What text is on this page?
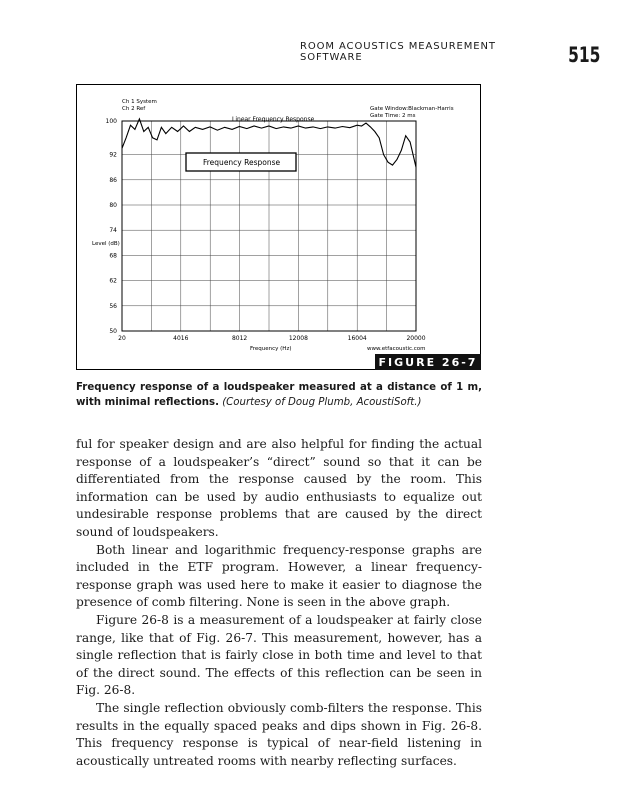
ROOM ACOUSTICS MEASUREMENT SOFTWARE	515
50
56
62
68
74
80
86
92
100
20	4016	8012	12008	16004	20000
Ch 1 System
Ch 2 Ref	Gate Window:Blackman-Harris
Gate Time: 2 ms
Linear Frequency Response
Level (dB)
Frequency (Hz)	www.etfacoustic.com
Frequency Response
FIGURE 26-7
Frequency response of a loudspeaker measured at a distance of 1 m, with minimal reflections. (Courtesy of Doug Plumb, AcoustiSoft.)

ful for speaker design and are also helpful for finding the actual response of a loudspeaker’s “direct” sound so that it can be differentiated from the response caused by the room. This information can be used by audio enthusiasts to equalize out undesirable response problems that are caused by the direct sound of loudspeakers.

Both linear and logarithmic frequency-response graphs are included in the ETF program. However, a linear frequency-response graph was used here to make it easier to diagnose the presence of comb filtering. None is seen in the above graph.

Figure 26-8 is a measurement of a loudspeaker at fairly close range, like that of Fig. 26-7. This measurement, however, has a single reflection that is fairly close in both time and level to that of the direct sound. The effects of this reflection can be seen in Fig. 26-8.

The single reflection obviously comb-filters the response. This results in the equally spaced peaks and dips shown in Fig. 26-8. This frequency response is typical of near-field listening in acoustically untreated rooms with nearby reflecting surfaces.
